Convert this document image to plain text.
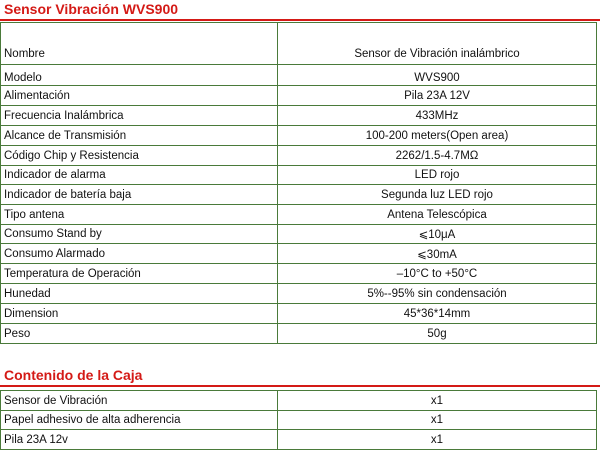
Sensor Vibración WVS900
Nombre	Sensor de Vibración inalámbrico
Modelo	WVS900
Alimentación	Pila 23A 12V
Frecuencia Inalámbrica	433MHz
Alcance de Transmisión	100-200 meters(Open area)
Código Chip y Resistencia	2262/1.5-4.7MΩ
Indicador de alarma	LED rojo
Indicador de batería baja	Segunda luz LED rojo
Tipo antena	Antena Telescópica
Consumo Stand by	⩽10μA
Consumo Alarmado	⩽30mA
Temperatura de Operación	–10°C to +50°C
Hunedad	5%--95% sin condensación
Dimension	45*36*14mm
Peso	50g
Contenido de la Caja
Sensor de Vibración	x1
Papel adhesivo de alta adherencia	x1
Pila 23A 12v	x1
